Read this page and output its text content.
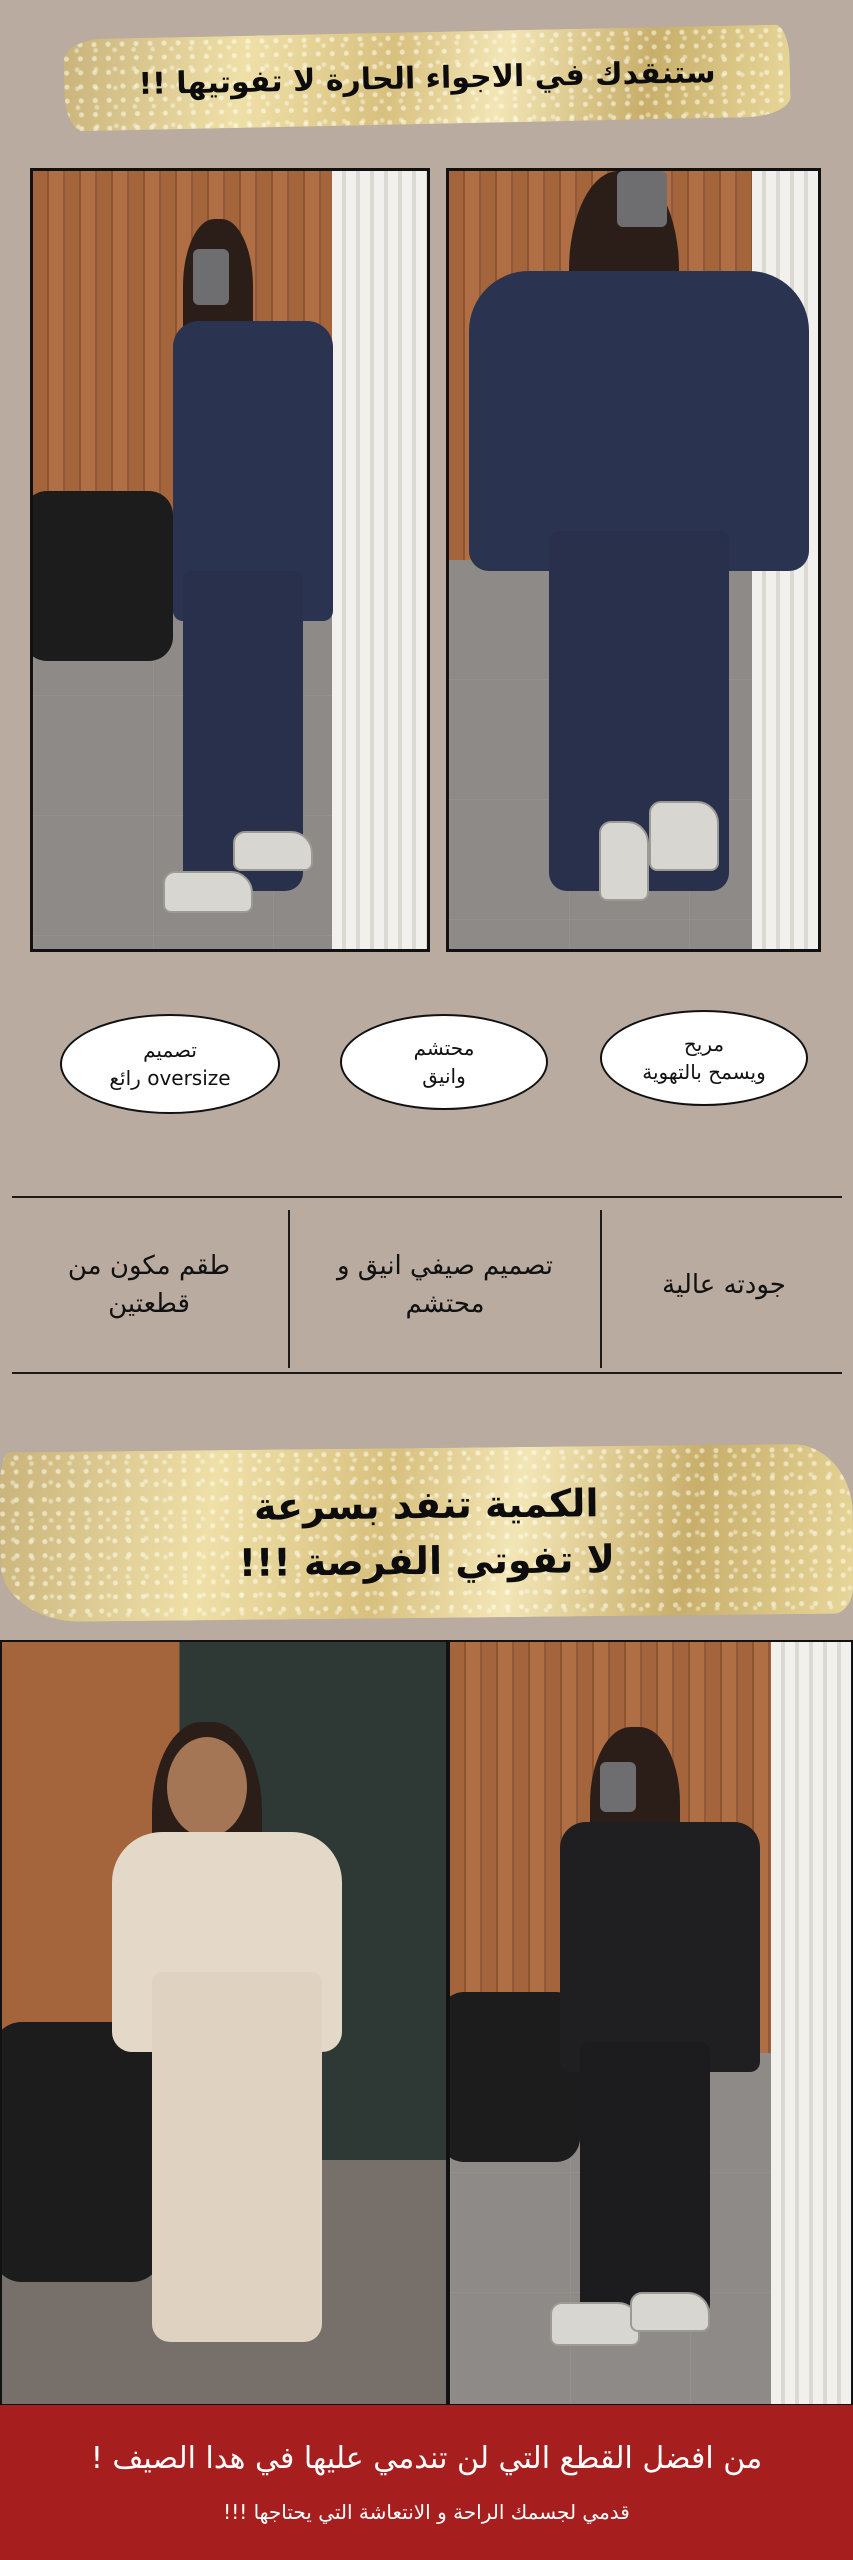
ستنقدك في الاجواء الحارة لا تفوتيها !!
مريح
ويسمح بالتهوية
محتشم
وانيق
تصميم
oversize رائع
جودته عالية
تصميم صيفي انيق و محتشم
طقم مكون من قطعتين
الكمية تنفد بسرعة
لا تفوتي الفرصة !!!
من افضل القطع التي لن تندمي عليها في هدا الصيف !
قدمي لجسمك الراحة و الانتعاشة التي يحتاجها !!!
